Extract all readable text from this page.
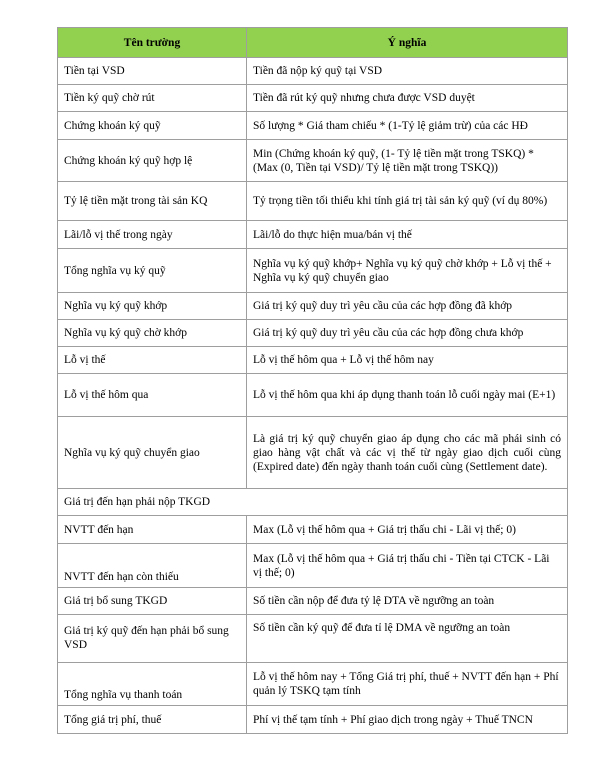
Tên trường	Ý nghĩa
Tiền tại VSD	Tiền đã nộp ký quỹ tại VSD
Tiền ký quỹ chờ rút	Tiền đã rút ký quỹ nhưng chưa được VSD duyệt
Chứng khoán ký quỹ	Số lượng * Giá tham chiếu * (1-Tỷ lệ giảm trừ) của các HĐ
Chứng khoán ký quỹ hợp lệ	Min (Chứng khoán ký quỹ, (1- Tỷ lệ tiền mặt trong TSKQ) * (Max (0, Tiền tại VSD)/ Tỷ lệ tiền mặt trong TSKQ))
Tỷ lệ tiền mặt trong tài sản KQ	Tỷ trọng tiền tối thiểu khi tính giá trị tài sản ký quỹ (ví dụ 80%)
Lãi/lỗ vị thế trong ngày	Lãi/lỗ do thực hiện mua/bán vị thế
Tổng nghĩa vụ ký quỹ	Nghĩa vụ ký quỹ khớp+ Nghĩa vụ ký quỹ chờ khớp + Lỗ vị thế + Nghĩa vụ ký quỹ chuyển giao
Nghĩa vụ ký quỹ khớp	Giá trị ký quỹ duy trì yêu cầu của các hợp đồng đã khớp
Nghĩa vụ ký quỹ chờ khớp	Giá trị ký quỹ duy trì yêu cầu của các hợp đồng chưa khớp
Lỗ vị thế	Lỗ vị thế hôm qua + Lỗ vị thế hôm nay
Lỗ vị thế hôm qua	Lỗ vị thế hôm qua khi áp dụng thanh toán lỗ cuối ngày mai (E+1)
Nghĩa vụ ký quỹ chuyển giao	Là giá trị ký quỹ chuyển giao áp dụng cho các mã phái sinh có giao hàng vật chất và các vị thế từ ngày giao dịch cuối cùng (Expired date) đến ngày thanh toán cuối cùng (Settlement date).
Giá trị đến hạn phải nộp TKGD	
NVTT đến hạn	Max (Lỗ vị thế hôm qua + Giá trị thấu chi - Lãi vị thế; 0)
NVTT đến hạn còn thiếu	Max (Lỗ vị thế hôm qua + Giá trị thấu chi - Tiền tại CTCK - Lãi vị thế; 0)
Giá trị bổ sung TKGD	Số tiền cần nộp để đưa tỷ lệ DTA về ngưỡng an toàn
Giá trị ký quỹ đến hạn phải bổ sung VSD	Số tiền cần ký quỹ để đưa tỉ lệ DMA về ngưỡng an toàn
Tổng nghĩa vụ thanh toán	Lỗ vị thế hôm nay + Tổng Giá trị phí, thuế + NVTT đến hạn + Phí quản lý TSKQ tạm tính
Tổng giá trị phí, thuế	Phí vị thế tạm tính + Phí giao dịch trong ngày + Thuế TNCN
